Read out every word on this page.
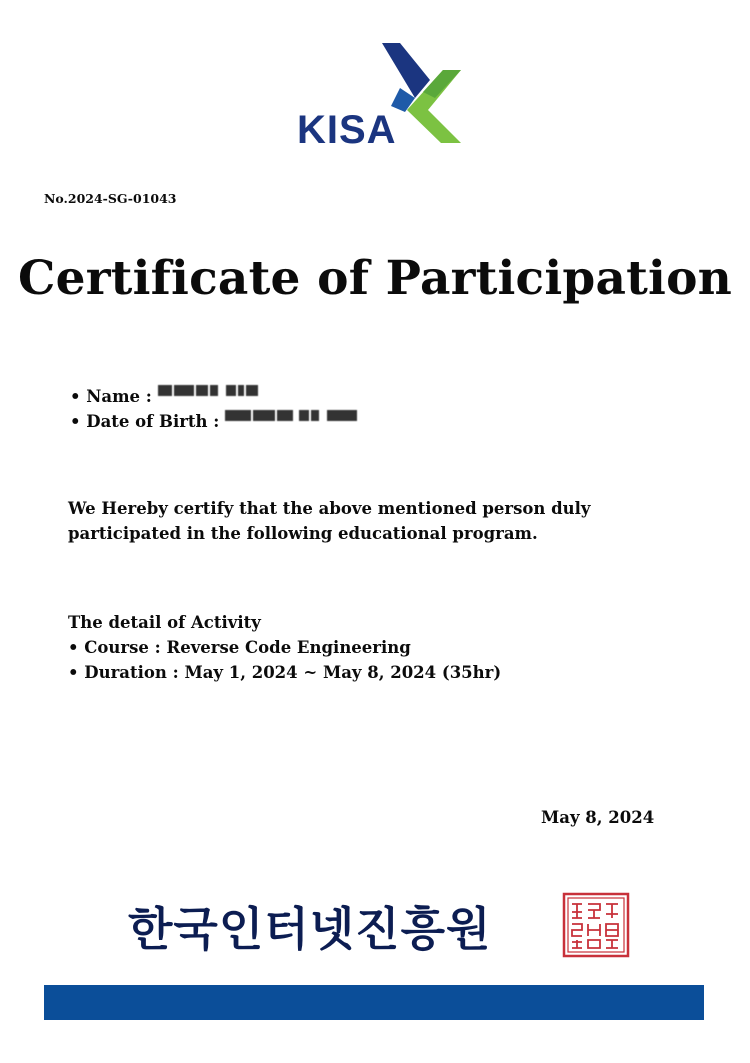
KISA
No.2024-SG-01043
Certificate of Participation
• Name :
• Date of Birth :
We Hereby certify that the above mentioned person duly participated in the following educational program.
The detail of Activity
• Course : Reverse Code Engineering
• Duration : May 1, 2024 ~ May 8, 2024 (35hr)
May 8, 2024
한국인터넷진흥원
